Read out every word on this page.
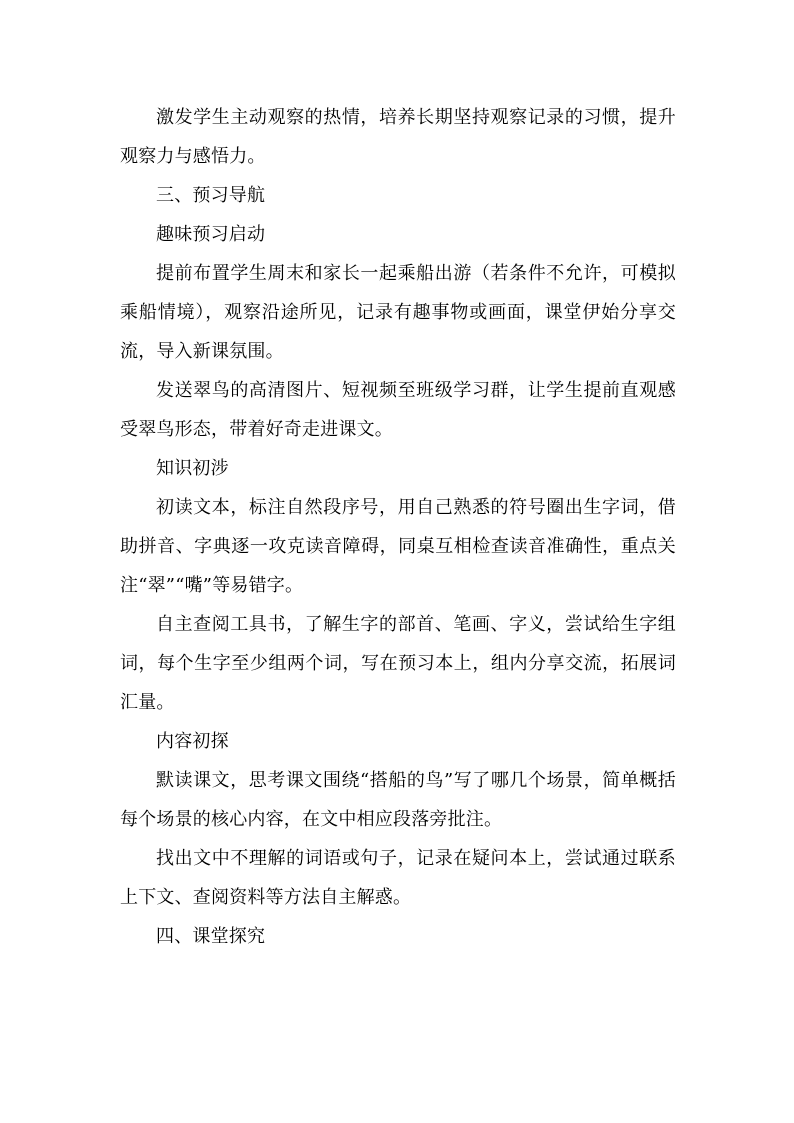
激发学生主动观察的热情，培养长期坚持观察记录的习惯，提升观察力与感悟力。

三、预习导航

趣味预习启动

提前布置学生周末和家长一起乘船出游（若条件不允许，可模拟乘船情境），观察沿途所见，记录有趣事物或画面，课堂伊始分享交流，导入新课氛围。

发送翠鸟的高清图片、短视频至班级学习群，让学生提前直观感受翠鸟形态，带着好奇走进课文。

知识初涉

初读文本，标注自然段序号，用自己熟悉的符号圈出生字词，借助拼音、字典逐一攻克读音障碍，同桌互相检查读音准确性，重点关注“翠”“嘴”等易错字。

自主查阅工具书，了解生字的部首、笔画、字义，尝试给生字组词，每个生字至少组两个词，写在预习本上，组内分享交流，拓展词汇量。

内容初探

默读课文，思考课文围绕“搭船的鸟”写了哪几个场景，简单概括每个场景的核心内容，在文中相应段落旁批注。

找出文中不理解的词语或句子，记录在疑问本上，尝试通过联系上下文、查阅资料等方法自主解惑。

四、课堂探究
